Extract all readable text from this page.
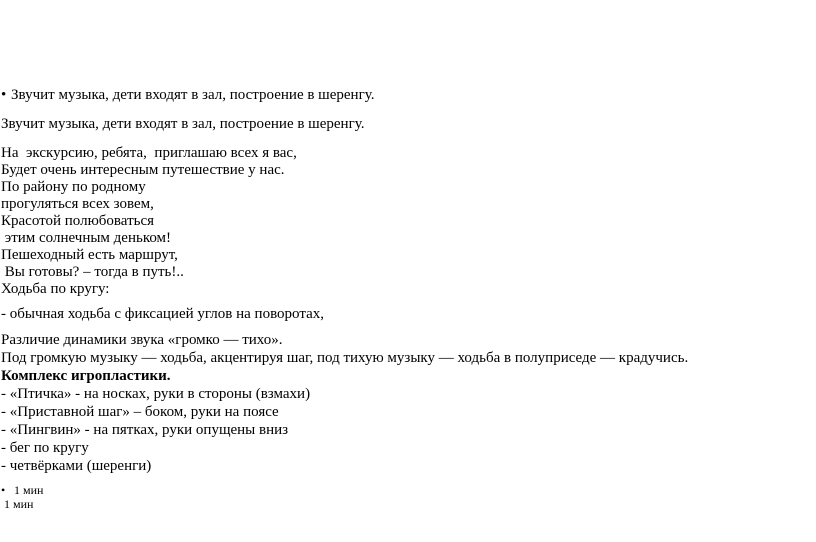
• Звучит музыка, дети входят в зал, построение в шеренгу.
Звучит музыка, дети входят в зал, построение в шеренгу.
На  экскурсию, ребята,  приглашаю всех я вас,
Будет очень интересным путешествие у нас.
По району по родному
прогуляться всех зовем,
Красотой полюбоваться
этим солнечным деньком!
Пешеходный есть маршрут,
Вы готовы? – тогда в путь!..
Ходьба по кругу:
- обычная ходьба с фиксацией углов на поворотах,
Различие динамики звука «громко — тихо».
Под громкую музыку — ходьба, акцентируя шаг, под тихую музыку — ходьба в полуприседе — крадучись.
Комплекс игропластики.
- «Птичка» - на носках, руки в стороны (взмахи)
- «Приставной шаг» – боком, руки на поясе
- «Пингвин» - на пятках, руки опущены вниз
- бег по кругу
- четвёрками (шеренги)
• 1 мин
1 мин
